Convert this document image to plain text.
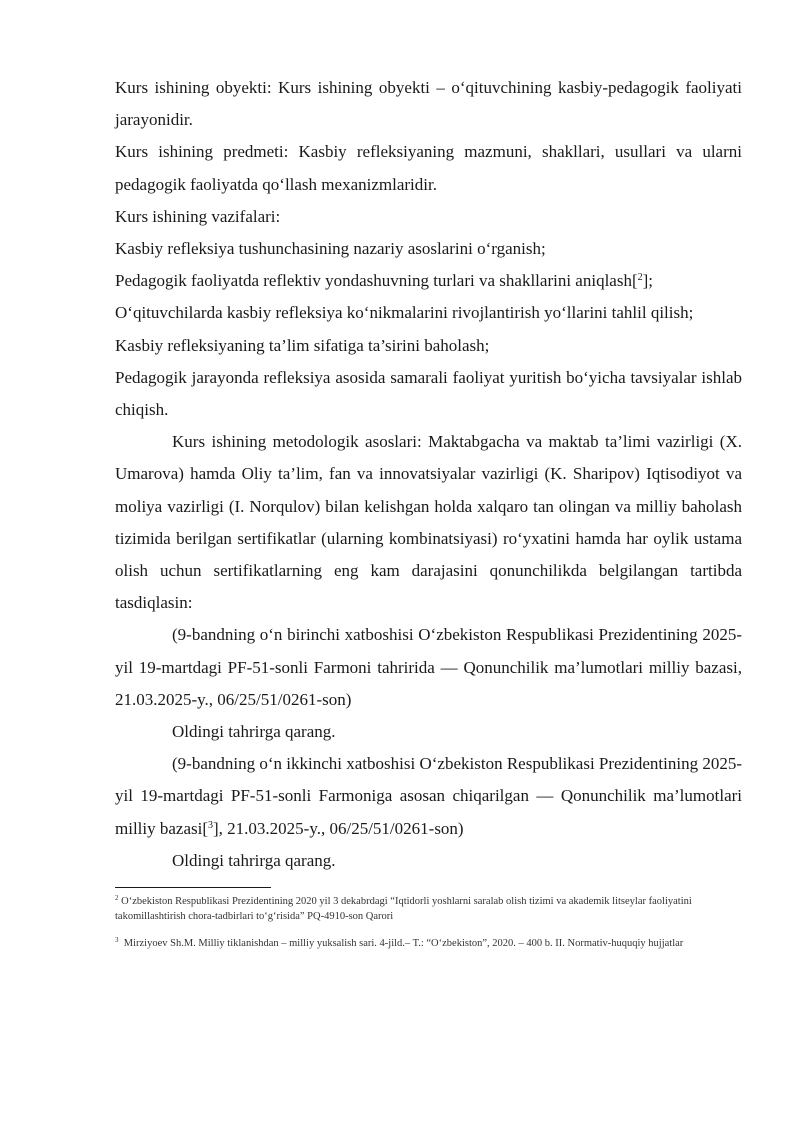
Kurs ishining obyekti: Kurs ishining obyekti – o‘qituvchining kasbiy-pedagogik faoliyati jarayonidir.

Kurs ishining predmeti: Kasbiy refleksiyaning mazmuni, shakllari, usullari va ularni pedagogik faoliyatda qo‘llash mexanizmlaridir.

Kurs ishining vazifalari:

Kasbiy refleksiya tushunchasining nazariy asoslarini o‘rganish;

Pedagogik faoliyatda reflektiv yondashuvning turlari va shakllarini aniqlash[$^2$];

O‘qituvchilarda kasbiy refleksiya ko‘nikmalarini rivojlantirish yo‘llarini tahlil qilish;

Kasbiy refleksiyaning ta’lim sifatiga ta’sirini baholash;

Pedagogik jarayonda refleksiya asosida samarali faoliyat yuritish bo‘yicha tavsiyalar ishlab chiqish.

Kurs ishining metodologik asoslari: Maktabgacha va maktab ta’limi vazirligi (X. Umarova) hamda Oliy ta’lim, fan va innovatsiyalar vazirligi (K. Sharipov) Iqtisodiyot va moliya vazirligi (I. Norqulov) bilan kelishgan holda xalqaro tan olingan va milliy baholash tizimida berilgan sertifikatlar (ularning kombinatsiyasi) ro‘yxatini hamda har oylik ustama olish uchun sertifikatlarning eng kam darajasini qonunchilikda belgilangan tartibda tasdiqlasin:

(9-bandning o‘n birinchi xatboshisi O‘zbekiston Respublikasi Prezidentining 2025-yil 19-martdagi PF-51-sonli Farmoni tahririda — Qonunchilik ma’lumotlari milliy bazasi, 21.03.2025-y., 06/25/51/0261-son)

Oldingi tahrirga qarang.

(9-bandning o‘n ikkinchi xatboshisi O‘zbekiston Respublikasi Prezidentining 2025-yil 19-martdagi PF-51-sonli Farmoniga asosan chiqarilgan — Qonunchilik ma’lumotlari milliy bazasi[$^3$], 21.03.2025-y., 06/25/51/0261-son)

Oldingi tahrirga qarang.

$^2$ O‘zbekiston Respublikasi Prezidentining 2020 yil 3 dekabrdagi “Iqtidorli yoshlarni saralab olish tizimi va akademik litseylar faoliyatini takomillashtirish chora-tadbirlari to‘g‘risida” PQ-4910-son Qarori

$^3$  Mirziyoev Sh.M. Milliy tiklanishdan – milliy yuksalish sari. 4-jild.– T.: “O‘zbekiston”, 2020. – 400 b. II. Normativ-huquqiy hujjatlar
